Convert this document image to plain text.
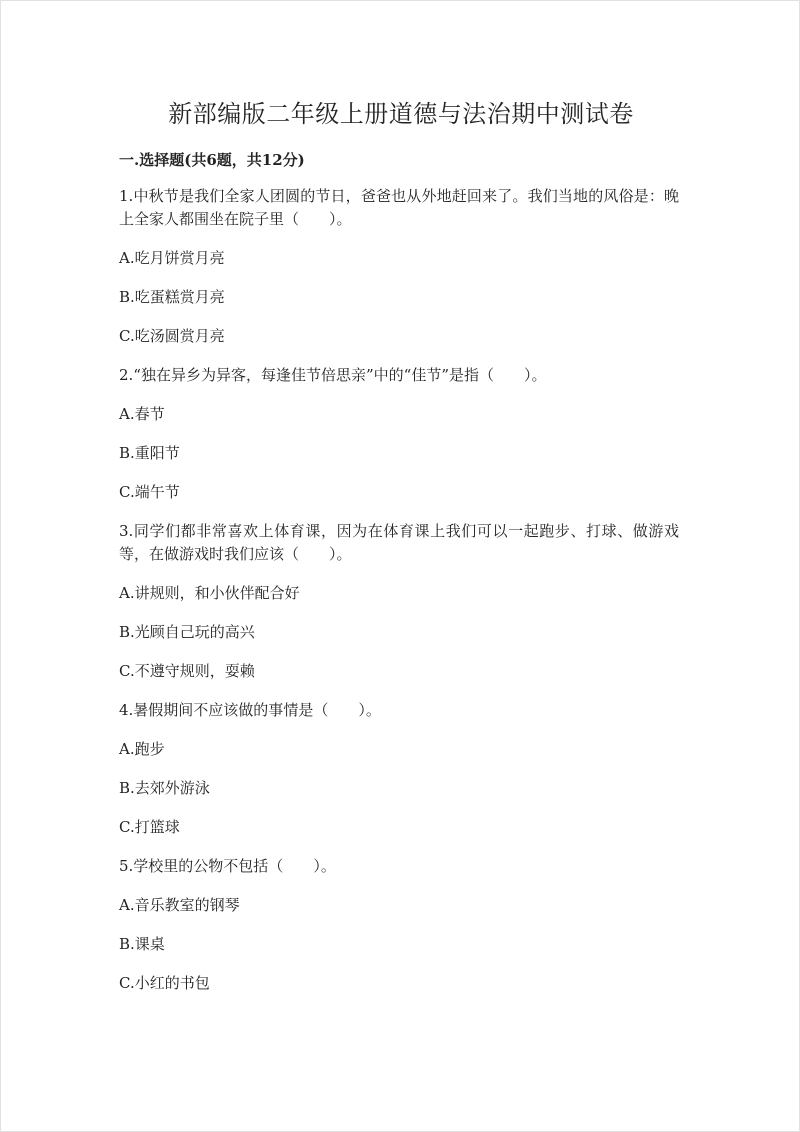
新部编版二年级上册道德与法治期中测试卷
一.选择题(共6题，共12分)

1.中秋节是我们全家人团圆的节日，爸爸也从外地赶回来了。我们当地的风俗是：晚上全家人都围坐在院子里（　　）。

A.吃月饼赏月亮

B.吃蛋糕赏月亮

C.吃汤圆赏月亮

2.“独在异乡为异客，每逢佳节倍思亲”中的“佳节”是指（　　）。

A.春节

B.重阳节

C.端午节

3.同学们都非常喜欢上体育课，因为在体育课上我们可以一起跑步、打球、做游戏等，在做游戏时我们应该（　　）。

A.讲规则，和小伙伴配合好

B.光顾自己玩的高兴

C.不遵守规则，耍赖

4.暑假期间不应该做的事情是（　　）。

A.跑步

B.去郊外游泳

C.打篮球

5.学校里的公物不包括（　　）。

A.音乐教室的钢琴

B.课桌

C.小红的书包
